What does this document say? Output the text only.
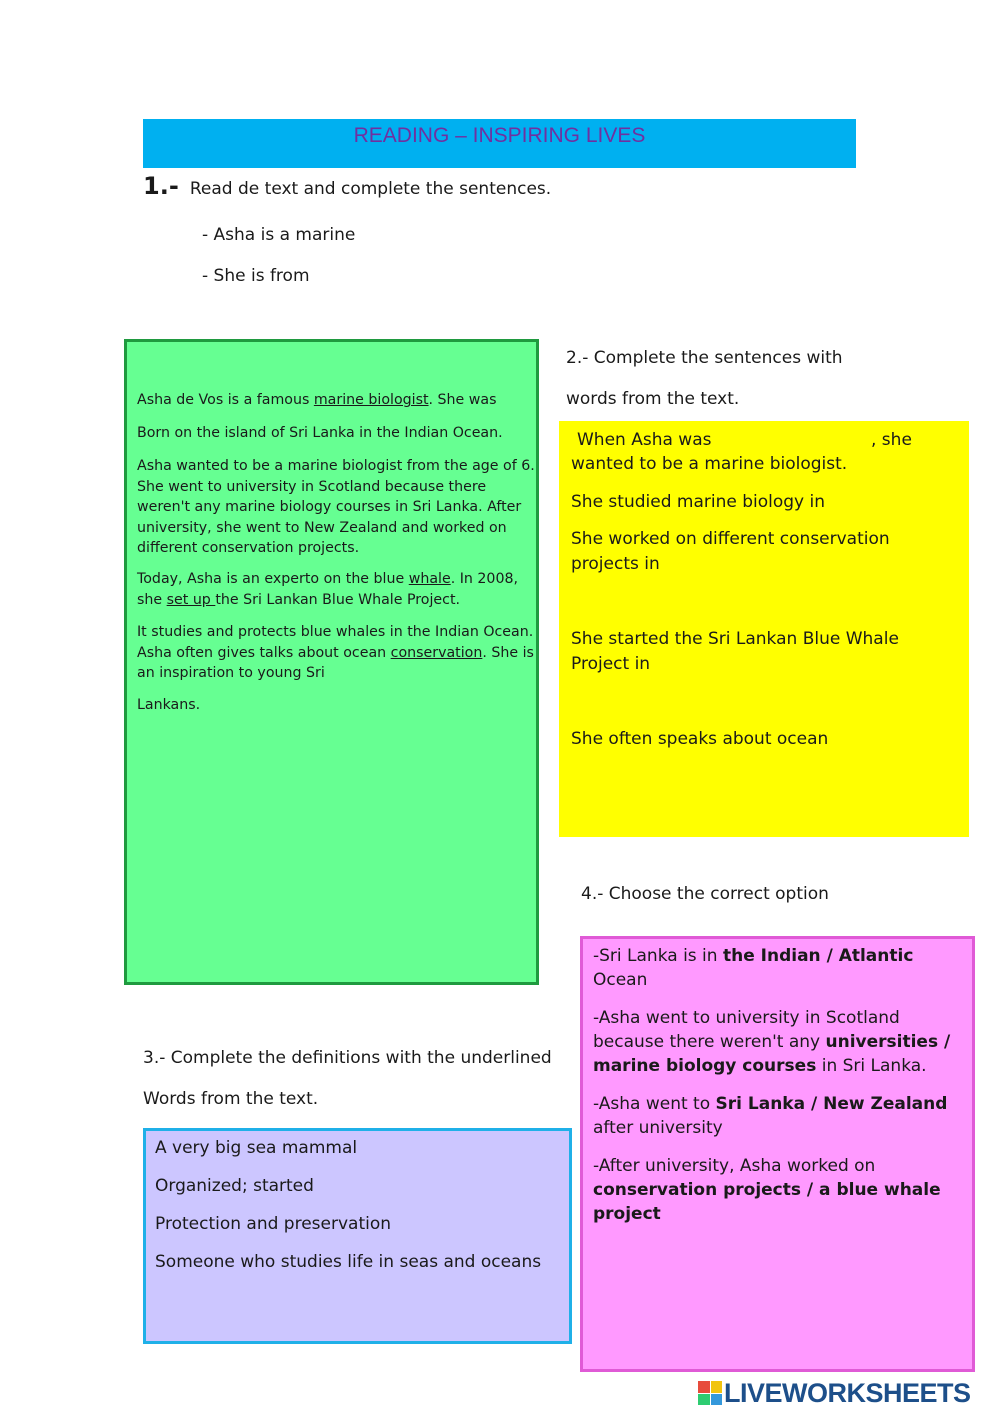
READING – INSPIRING LIVES
1.- Read de text and complete the sentences.
- Asha is a marine
- She is from

Asha de Vos is a famous marine biologist. She was

Born on the island of Sri Lanka in the Indian Ocean.

Asha wanted to be a marine biologist from the age of 6. She went to university in Scotland because there weren't any marine biology courses in Sri Lanka. After university, she went to New Zealand and worked on different conservation projects.

Today, Asha is an experto on the blue whale. In 2008, she set up the Sri Lankan Blue Whale Project.

It studies and protects blue whales in the Indian Ocean. Asha often gives talks about ocean conservation. She is an inspiration to young Sri

Lankans.

2.- Complete the sentences with
words from the text.

When Asha was	, she

wanted to be a marine biologist.

She studied marine biology in

She worked on different conservation

projects in

She started the Sri Lankan Blue Whale

Project in

She often speaks about ocean

4.- Choose the correct option

-Sri Lanka is in the Indian / Atlantic
Ocean

-Asha went to university in Scotland because there weren't any universities /
marine biology courses in Sri Lanka.

-Asha went to Sri Lanka / New Zealand
after university

-After university, Asha worked on
conservation projects / a blue whale project

3.- Complete the definitions with the underlined
Words from the text.

A very big sea mammal

Organized; started

Protection and preservation

Someone who studies life in seas and oceans

LIVEWORKSHEETS
